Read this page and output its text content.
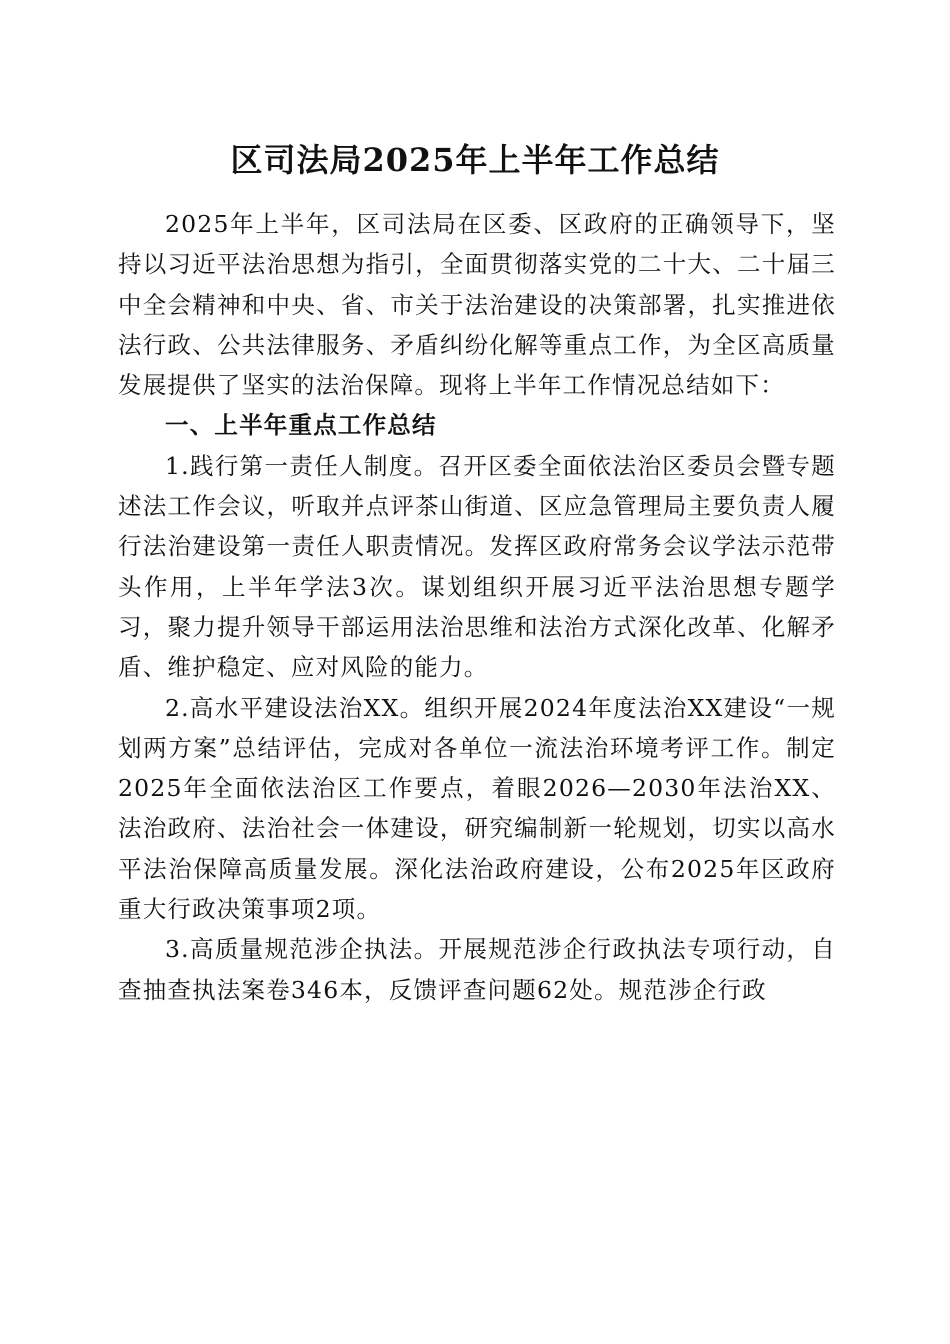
区司法局2025年上半年工作总结

2025年上半年，区司法局在区委、区政府的正确领导下，坚持以习近平法治思想为指引，全面贯彻落实党的二十大、二十届三中全会精神和中央、省、市关于法治建设的决策部署，扎实推进依法行政、公共法律服务、矛盾纠纷化解等重点工作，为全区高质量发展提供了坚实的法治保障。现将上半年工作情况总结如下：

一、上半年重点工作总结

1.践行第一责任人制度。召开区委全面依法治区委员会暨专题述法工作会议，听取并点评茶山街道、区应急管理局主要负责人履行法治建设第一责任人职责情况。发挥区政府常务会议学法示范带头作用，上半年学法3次。谋划组织开展习近平法治思想专题学习，聚力提升领导干部运用法治思维和法治方式深化改革、化解矛盾、维护稳定、应对风险的能力。

2.高水平建设法治XX。组织开展2024年度法治XX建设“一规划两方案”总结评估，完成对各单位一流法治环境考评工作。制定2025年全面依法治区工作要点，着眼2026—2030年法治XX、法治政府、法治社会一体建设，研究编制新一轮规划，切实以高水平法治保障高质量发展。深化法治政府建设，公布2025年区政府重大行政决策事项2项。

3.高质量规范涉企执法。开展规范涉企行政执法专项行动，自查抽查执法案卷346本，反馈评查问题62处。规范涉企行政
